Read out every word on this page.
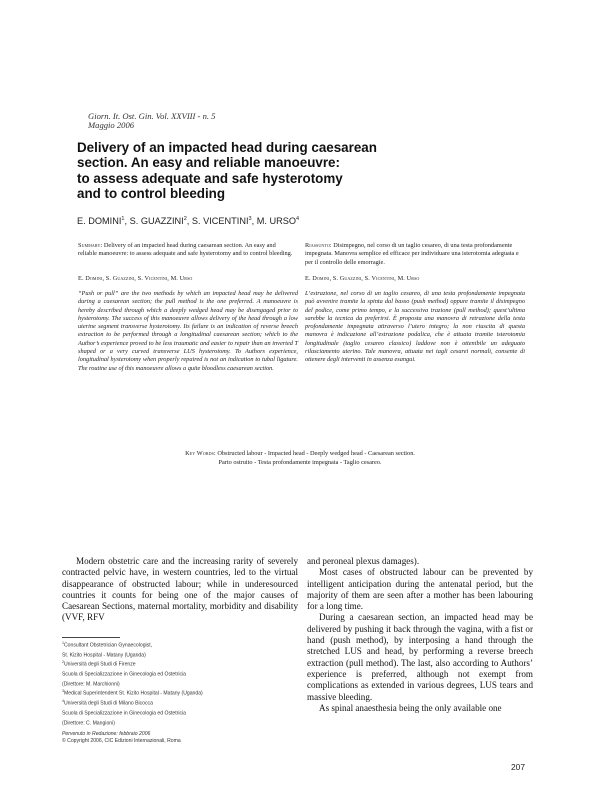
Giorn. It. Ost. Gin. Vol. XXVIII - n. 5
Maggio 2006
Delivery of an impacted head during caesarean
section. An easy and reliable manoeuvre:
to assess adequate and safe hysterotomy
and to control bleeding
E. DOMINI$^1$, S. GUAZZINI$^2$, S. VICENTINI$^3$, M. URSO$^4$
Summary: Delivery of an impacted head during caesarean section. An easy and reliable manoeuvre: to assess adequate and safe hysterotomy and to control bleeding.
E. Domini, S. Guazzini, S. Vicentini, M. Urso
“Push or pull” are the two methods by which an impacted head may be delivered during a caesarean section; the pull method is the one preferred. A manoeuvre is hereby described through which a deeply wedged head may be disengaged prior to hysterotomy. The success of this manoeuvre allows delivery of the head through a low uterine segment transverse hysterotomy. Its failure is an indication of reverse breech extraction to be performed through a longitudinal caesarean section; which to the Author’s experience proved to be less traumatic and easier to repair than an inverted T shaped or a very curved transverse LUS hysterotomy. To Authors experience, longitudinal hysterotomy when properly repaired is not an indication to tubal ligature. The routine use of this manoeuvre allows a quite bloodless caesarean section.
Riassunto: Disimpegno, nel corso di un taglio cesareo, di una testa profondamente impegnata. Manovra semplice ed efficace per individuare una isterotomia adeguata e per il controllo delle emorragie.
E. Domini, S. Guazzini, S. Vicentini, M. Urso
L’estrazione, nel corso di un taglio cesareo, di una testa profondamente impegnata può avvenire tramite la spinta dal basso (push method) oppure tramite il disimpegno del podice, come primo tempo, e la successiva trazione (pull method); quest’ultima sarebbe la tecnica da preferirsi. È proposta una manovra di retrazione della testa profondamente impegnata attraverso l’utero integro; la non riuscita di questa manovra è indicazione all’estrazione podalica, che è attuata tramite isterotomia longitudinale (taglio cesareo classico) laddove non è ottenibile un adeguato rilasciamento uterino. Tale manovra, attuata nei tagli cesarei normali, consente di ottenere degli interventi in assenza esangui.
Key Words: Obstructed labour - Impacted head - Deeply wedged head - Caesarean section.
Parto ostruito - Testa profondamente impegnata - Taglio cesareo.
Modern obstetric care and the increasing rarity of severely contracted pelvic have, in western countries, led to the virtual disappearance of obstructed labour; while in underesourced countries it counts for being one of the major causes of Caesarean Sections, maternal mortality, morbidity and disability (VVF, RFV

and peroneal plexus damages).

Most cases of obstructed labour can be prevented by intelligent anticipation during the antenatal period, but the majority of them are seen after a mother has been labouring for a long time.

During a caesarean section, an impacted head may be delivered by pushing it back through the vagina, with a fist or hand (push method), by interposing a hand through the stretched LUS and head, by performing a reverse breech extraction (pull method). The last, also according to Authors’ experience is preferred, although not exempt from complications as extended in various degrees, LUS tears and massive bleeding.

As spinal anaesthesia being the only available one

$^1$Consultant Obstetrician Gynaecologist,
St. Kizito Hospital - Matany (Uganda)
$^2$Università degli Studi di Firenze
Scuola di Specializzazione in Ginecologia ed Ostetricia
(Direttore: M. Marchionni)
$^3$Medical Superintendent St. Kizito Hospital - Matany (Uganda)
$^4$Università degli Studi di Milano Bicocca
Scuola di Specializzazione in Ginecologia ed Ostetricia
(Direttore: C. Mangioni)
Pervenuto in Redazione: febbraio 2006
© Copyright 2006, CIC Edizioni Internazionali, Roma
207
